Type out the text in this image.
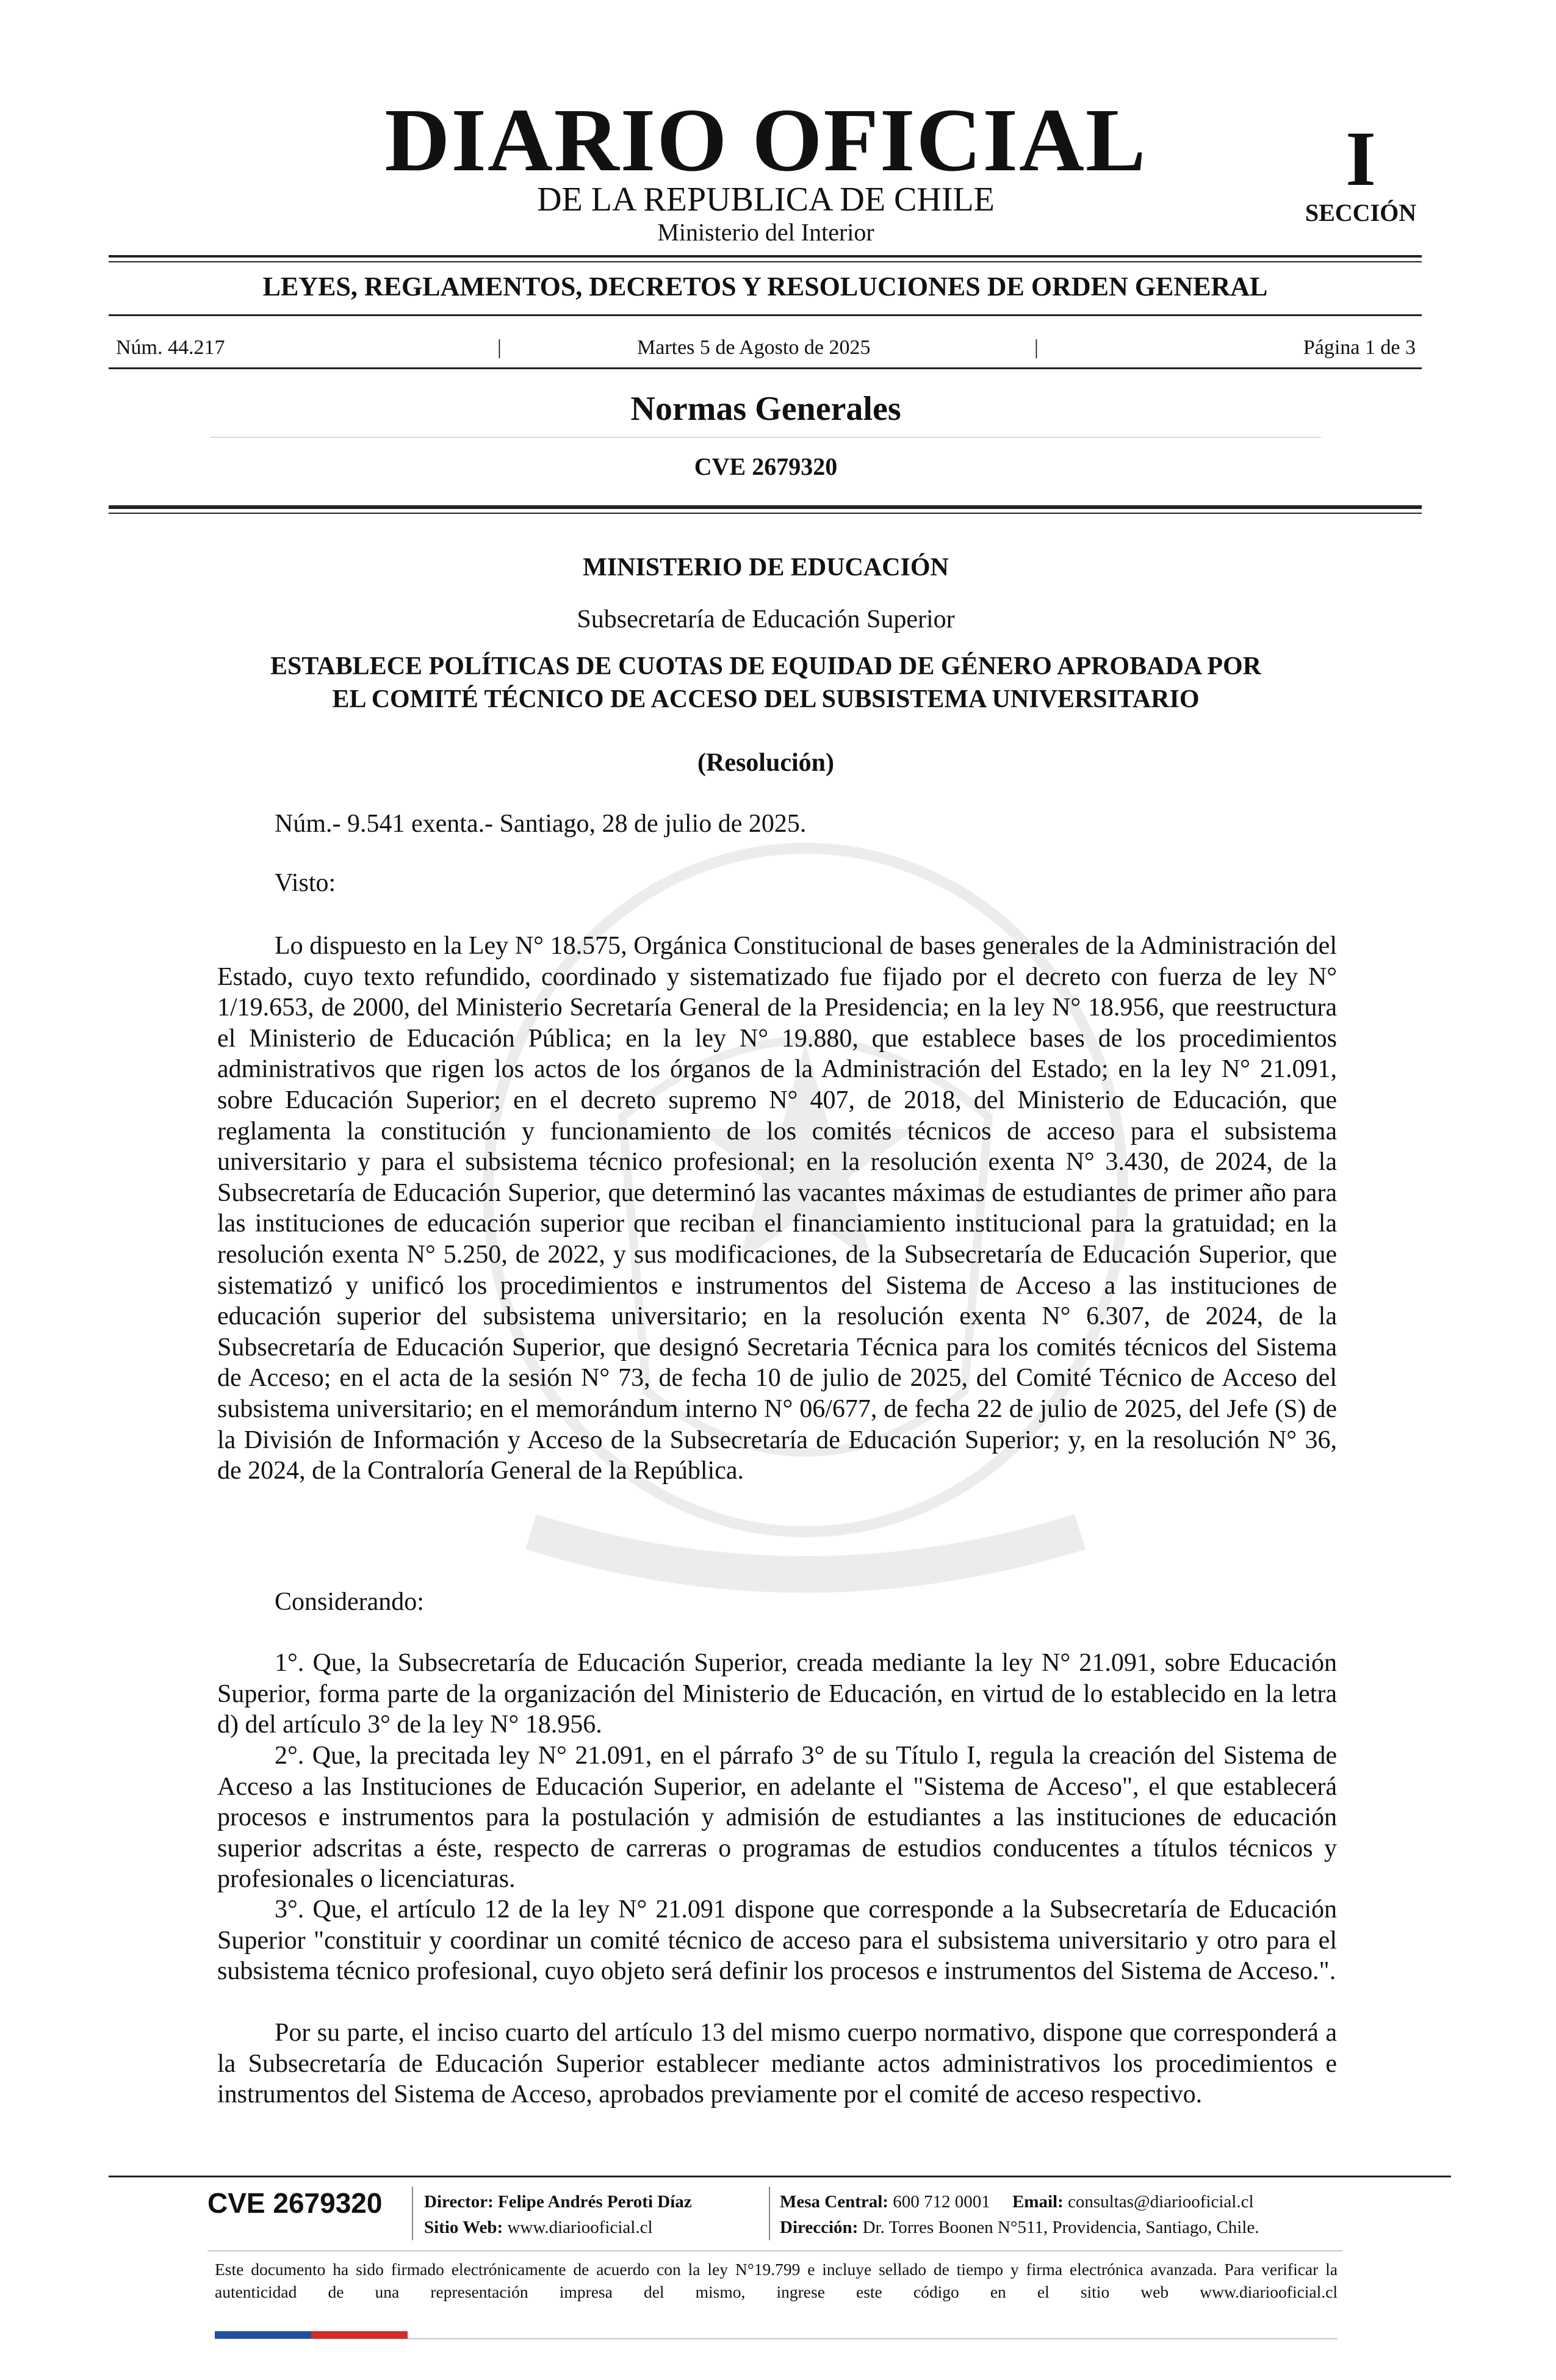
DIARIO OFICIAL
DE LA REPUBLICA DE CHILE
Ministerio del Interior
I
SECCIÓN
LEYES, REGLAMENTOS, DECRETOS Y RESOLUCIONES DE ORDEN GENERAL
Núm. 44.217	|	Martes 5 de Agosto de 2025	|	Página 1 de 3
Normas Generales
CVE 2679320
MINISTERIO DE EDUCACIÓN
Subsecretaría de Educación Superior
ESTABLECE POLÍTICAS DE CUOTAS DE EQUIDAD DE GÉNERO APROBADA POR
EL COMITÉ TÉCNICO DE ACCESO DEL SUBSISTEMA UNIVERSITARIO
(Resolución)
Núm.- 9.541 exenta.- Santiago, 28 de julio de 2025.
Visto:

Lo dispuesto en la Ley N° 18.575, Orgánica Constitucional de bases generales de la Administración del Estado, cuyo texto refundido, coordinado y sistematizado fue fijado por el decreto con fuerza de ley N° 1/19.653, de 2000, del Ministerio Secretaría General de la Presidencia; en la ley N° 18.956, que reestructura el Ministerio de Educación Pública; en la ley N° 19.880, que establece bases de los procedimientos administrativos que rigen los actos de los órganos de la Administración del Estado; en la ley N° 21.091, sobre Educación Superior; en el decreto supremo N° 407, de 2018, del Ministerio de Educación, que reglamenta la constitución y funcionamiento de los comités técnicos de acceso para el subsistema universitario y para el subsistema técnico profesional; en la resolución exenta N° 3.430, de 2024, de la Subsecretaría de Educación Superior, que determinó las vacantes máximas de estudiantes de primer año para las instituciones de educación superior que reciban el financiamiento institucional para la gratuidad; en la resolución exenta N° 5.250, de 2022, y sus modificaciones, de la Subsecretaría de Educación Superior, que sistematizó y unificó los procedimientos e instrumentos del Sistema de Acceso a las instituciones de educación superior del subsistema universitario; en la resolución exenta N° 6.307, de 2024, de la Subsecretaría de Educación Superior, que designó Secretaria Técnica para los comités técnicos del Sistema de Acceso; en el acta de la sesión N° 73, de fecha 10 de julio de 2025, del Comité Técnico de Acceso del subsistema universitario; en el memorándum interno N° 06/677, de fecha 22 de julio de 2025, del Jefe (S) de la División de Información y Acceso de la Subsecretaría de Educación Superior; y, en la resolución N° 36, de 2024, de la Contraloría General de la República.

Considerando:

1°. Que, la Subsecretaría de Educación Superior, creada mediante la ley N° 21.091, sobre Educación Superior, forma parte de la organización del Ministerio de Educación, en virtud de lo establecido en la letra d) del artículo 3° de la ley N° 18.956.

2°. Que, la precitada ley N° 21.091, en el párrafo 3° de su Título I, regula la creación del Sistema de Acceso a las Instituciones de Educación Superior, en adelante el "Sistema de Acceso", el que establecerá procesos e instrumentos para la postulación y admisión de estudiantes a las instituciones de educación superior adscritas a éste, respecto de carreras o programas de estudios conducentes a títulos técnicos y profesionales o licenciaturas.

3°. Que, el artículo 12 de la ley N° 21.091 dispone que corresponde a la Subsecretaría de Educación Superior "constituir y coordinar un comité técnico de acceso para el subsistema universitario y otro para el subsistema técnico profesional, cuyo objeto será definir los procesos e instrumentos del Sistema de Acceso.".

Por su parte, el inciso cuarto del artículo 13 del mismo cuerpo normativo, dispone que corresponderá a la Subsecretaría de Educación Superior establecer mediante actos administrativos los procedimientos e instrumentos del Sistema de Acceso, aprobados previamente por el comité de acceso respectivo.

CVE 2679320 Director: Felipe Andrés Peroti Díaz
Sitio Web: www.diariooficial.cl
Mesa Central: 600 712 0001 Email: consultas@diariooficial.cl
Dirección: Dr. Torres Boonen N°511, Providencia, Santiago, Chile.
Este documento ha sido firmado electrónicamente de acuerdo con la ley N°19.799 e incluye sellado de tiempo y firma electrónica avanzada. Para verificar la autenticidad de una representación impresa del mismo, ingrese este código en el sitio web www.diariooficial.cl
